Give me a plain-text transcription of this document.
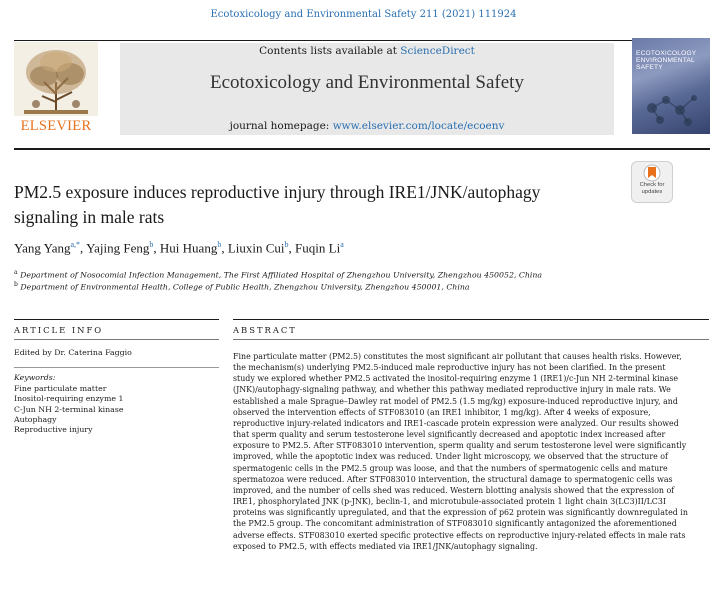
Ecotoxicology and Environmental Safety 211 (2021) 111924
ELSEVIER
Contents lists available at ScienceDirect
Ecotoxicology and Environmental Safety
journal homepage: www.elsevier.com/locate/ecoenv
ECOTOXICOLOGY
ENVIRONMENTAL
SAFETY
Check for
updates
PM2.5 exposure induces reproductive injury through IRE1/JNK/autophagy
signaling in male rats
Yang Yang$^{a,*}$, Yajing Feng$^b$, Hui Huang$^b$, Liuxin Cui$^b$, Fuqin Li$^a$
$^a$ Department of Nosocomial Infection Management, The First Affiliated Hospital of Zhengzhou University, Zhengzhou 450052, China
$^b$ Department of Environmental Health, College of Public Health, Zhengzhou University, Zhengzhou 450001, China
ARTICLE INFO
Edited by Dr. Caterina Faggio
Keywords:
Fine particulate matter
Inositol-requiring enzyme 1
C-Jun NH 2-terminal kinase
Autophagy
Reproductive injury
ABSTRACT
Fine particulate matter (PM2.5) constitutes the most significant air pollutant that causes health risks. However,
the mechanism(s) underlying PM2.5-induced male reproductive injury has not been clarified. In the present
study we explored whether PM2.5 activated the inositol-requiring enzyme 1 (IRE1)/c-Jun NH 2-terminal kinase
(JNK)/autophagy-signaling pathway, and whether this pathway mediated reproductive injury in male rats. We
established a male Sprague–Dawley rat model of PM2.5 (1.5 mg/kg) exposure-induced reproductive injury, and
observed the intervention effects of STF083010 (an IRE1 inhibitor, 1 mg/kg). After 4 weeks of exposure,
reproductive injury-related indicators and IRE1-cascade protein expression were analyzed. Our results showed
that sperm quality and serum testosterone level significantly decreased and apoptotic index increased after
exposure to PM2.5. After STF083010 intervention, sperm quality and serum testosterone level were significantly
improved, while the apoptotic index was reduced. Under light microscopy, we observed that the structure of
spermatogenic cells in the PM2.5 group was loose, and that the numbers of spermatogenic cells and mature
spermatozoa were reduced. After STF083010 intervention, the structural damage to spermatogenic cells was
improved, and the number of cells shed was reduced. Western blotting analysis showed that the expression of
IRE1, phosphorylated JNK (p-JNK), beclin-1, and microtubule-associated protein 1 light chain 3(LC3)II/LC3I
proteins was significantly upregulated, and that the expression of p62 protein was significantly downregulated in
the PM2.5 group. The concomitant administration of STF083010 significantly antagonized the aforementioned
adverse effects. STF083010 exerted specific protective effects on reproductive injury-related effects in male rats
exposed to PM2.5, with effects mediated via IRE1/JNK/autophagy signaling.
